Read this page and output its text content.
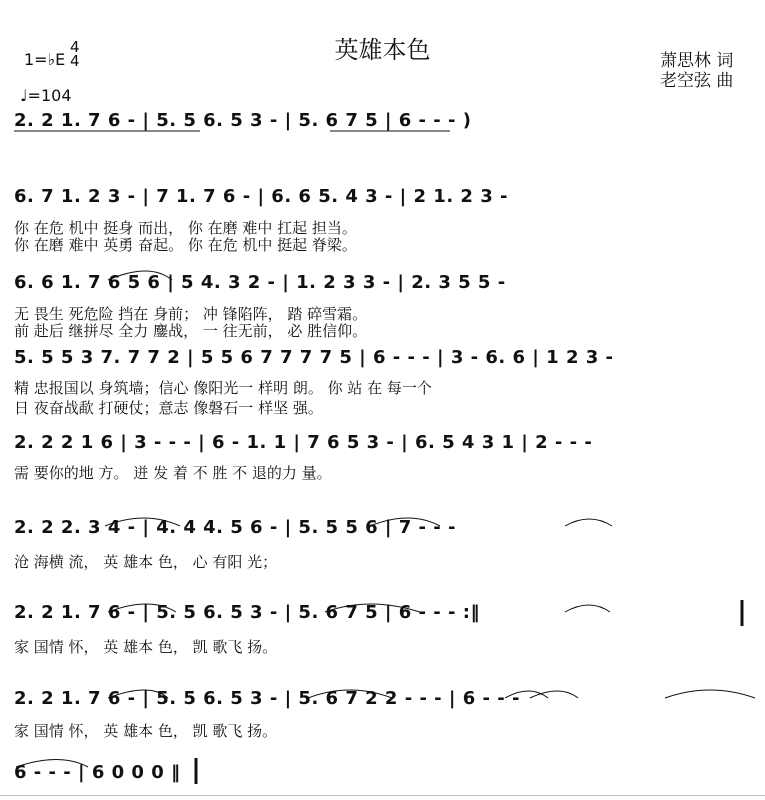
英雄本色
1=♭E
4
4
♩=104
萧思林 词
老空弦 曲
2. 2 1. 7 6 - | 5. 5 6. 5 3 - | 5. 6 7 5 | 6 - - - )
6. 7 1. 2 3 - | 7 1. 7 6 - | 6. 6 5. 4 3 - | 2 1. 2 3 -
6. 6 1. 7 6 5 6 | 5 4. 3 2 - | 1. 2 3 3 - | 2. 3 5 5 -
5. 5 5 3 7. 7 7 2 | 5 5 6 7 7 7 7 5 | 6 - - - | 3 - 6. 6 | 1 2 3 -
2. 2 2 1 6 | 3 - - - | 6 - 1. 1 | 7 6 5 3 - | 6. 5 4 3 1 | 2 - - -
2. 2 2. 3 4 - | 4. 4 4. 5 6 - | 5. 5 5 6 | 7 - - -
2. 2 1. 7 6 - | 5. 5 6. 5 3 - | 5. 6 7 5 | 6 - - - :‖
2. 2 1. 7 6 - | 5. 5 6. 5 3 - | 5. 6 7 2 2 - - - | 6 - - -
6 - - - | 6 0 0 0 ‖
你 在危 机中 挺身 而出， 你 在磨 难中 扛起 担当。
你 在磨 难中 英勇 奋起。 你 在危 机中 挺起 脊梁。
无 畏生 死危险 挡在 身前； 冲 锋陷阵， 踏 碎雪霜。
前 赴后 继拼尽 全力 鏖战， 一 往无前， 必 胜信仰。
精 忠报国以 身筑墙；信心 像阳光一 样明 朗。 你 站 在 每一个
日 夜奋战歃 打硬仗；意志 像磐石一 样坚 强。
需 要你的地 方。 迸 发 着 不 胜 不 退的力 量。
沧 海横 流， 英 雄本 色， 心 有阳 光；
家 国情 怀， 英 雄本 色， 凯 歌飞 扬。
家 国情 怀， 英 雄本 色， 凯 歌飞 扬。
